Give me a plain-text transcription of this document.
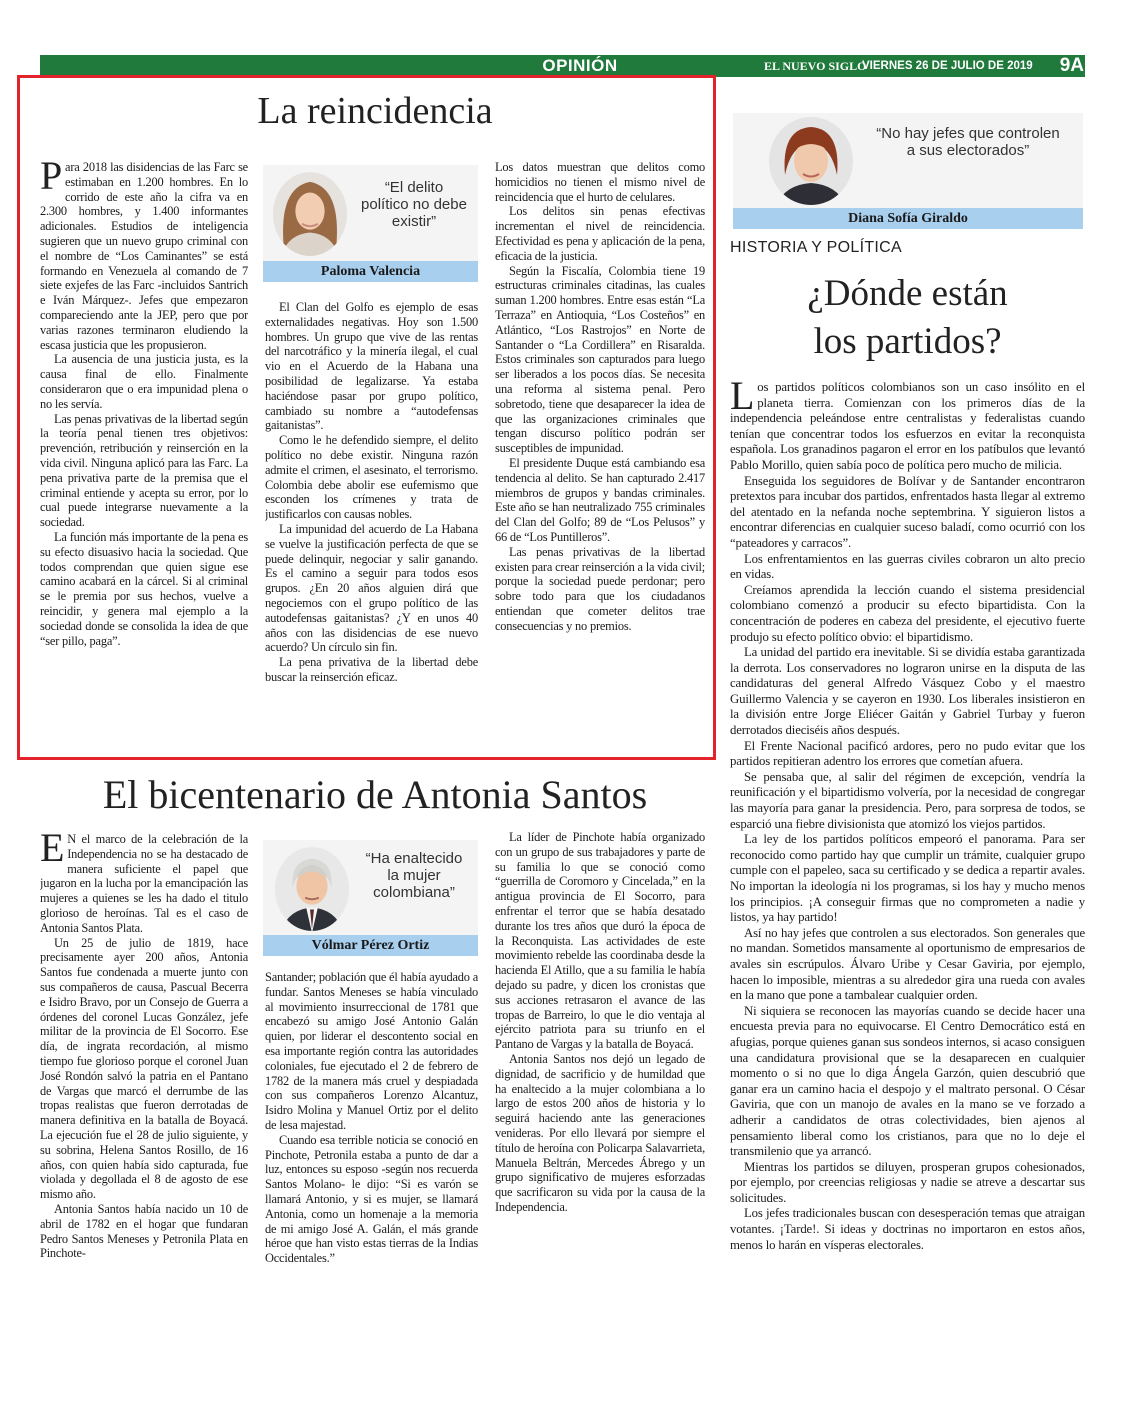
OPINIÓN	EL NUEVO SIGLO
VIERNES 26 DE JULIO DE 2019	9A
La reincidencia

Para 2018 las disidencias de las Farc se estimaban en 1.200 hombres. En lo corrido de este año la cifra va en 2.300 hombres, y 1.400 informantes adicionales. Estudios de inteligencia sugieren que un nuevo grupo criminal con el nombre de “Los Caminantes” se está formando en Venezuela al comando de 7 siete exjefes de las Farc -incluidos Santrich e Iván Márquez-. Jefes que empezaron compareciendo ante la JEP, pero que por varias razones terminaron eludiendo la escasa justicia que les propusieron.

La ausencia de una justicia justa, es la causa final de ello. Finalmente consideraron que o era impunidad plena o no les servía.

Las penas privativas de la libertad según la teoría penal tienen tres objetivos: prevención, retribución y reinserción en la vida civil. Ninguna aplicó para las Farc. La pena privativa parte de la premisa que el criminal entiende y acepta su error, por lo cual puede integrarse nuevamente a la sociedad.

La función más importante de la pena es su efecto disuasivo hacia la sociedad. Que todos comprendan que quien sigue ese camino acabará en la cárcel. Si al criminal se le premia por sus hechos, vuelve a reincidir, y genera mal ejemplo a la sociedad donde se consolida la idea de que “ser pillo, paga”.

“El delito político no debe existir”
Paloma Valencia

El Clan del Golfo es ejemplo de esas externalidades negativas. Hoy son 1.500 hombres. Un grupo que vive de las rentas del narcotráfico y la minería ilegal, el cual vio en el Acuerdo de la Habana una posibilidad de legalizarse. Ya estaba haciéndose pasar por grupo político, cambiado su nombre a “autodefensas gaitanistas”.

Como le he defendido siempre, el delito político no debe existir. Ninguna razón admite el crimen, el asesinato, el terrorismo. Colombia debe abolir ese eufemismo que esconden los crímenes y trata de justificarlos con causas nobles.

La impunidad del acuerdo de La Habana se vuelve la justificación perfecta de que se puede delinquir, negociar y salir ganando. Es el camino a seguir para todos esos grupos. ¿En 20 años alguien dirá que negociemos con el grupo político de las autodefensas gaitanistas? ¿Y en unos 40 años con las disidencias de ese nuevo acuerdo? Un círculo sin fin.

La pena privativa de la libertad debe buscar la reinserción eficaz.

Los datos muestran que delitos como homicidios no tienen el mismo nivel de reincidencia que el hurto de celulares.

Los delitos sin penas efectivas incrementan el nivel de reincidencia. Efectividad es pena y aplicación de la pena, eficacia de la justicia.

Según la Fiscalía, Colombia tiene 19 estructuras criminales citadinas, las cuales suman 1.200 hombres. Entre esas están “La Terraza” en Antioquia, “Los Costeños” en Atlántico, “Los Rastrojos” en Norte de Santander o “La Cordillera” en Risaralda. Estos criminales son capturados para luego ser liberados a los pocos días. Se necesita una reforma al sistema penal. Pero sobretodo, tiene que desaparecer la idea de que las organizaciones criminales que tengan discurso político podrán ser susceptibles de impunidad.

El presidente Duque está cambiando esa tendencia al delito. Se han capturado 2.417 miembros de grupos y bandas criminales. Este año se han neutralizado 755 criminales del Clan del Golfo; 89 de “Los Pelusos” y 66 de “Los Puntilleros”.

Las penas privativas de la libertad existen para crear reinserción a la vida civil; porque la sociedad puede perdonar; pero sobre todo para que los ciudadanos entiendan que cometer delitos trae consecuencias y no premios.

“No hay jefes que controlen a sus electorados”
Diana Sofía Giraldo
HISTORIA Y POLÍTICA
¿Dónde están
los partidos?

Los partidos políticos colombianos son un caso insólito en el planeta tierra. Comienzan con los primeros días de la independencia peleándose entre centralistas y federalistas cuando tenían que concentrar todos los esfuerzos en evitar la reconquista española. Los granadinos pagaron el error en los patíbulos que levantó Pablo Morillo, quien sabía poco de política pero mucho de milicia.

Enseguida los seguidores de Bolívar y de Santander encontraron pretextos para incubar dos partidos, enfrentados hasta llegar al extremo del atentado en la nefanda noche septembrina. Y siguieron listos a encontrar diferencias en cualquier suceso baladí, como ocurrió con los “pateadores y carracos”.

Los enfrentamientos en las guerras civiles cobraron un alto precio en vidas.

Creíamos aprendida la lección cuando el sistema presidencial colombiano comenzó a producir su efecto bipartidista. Con la concentración de poderes en cabeza del presidente, el ejecutivo fuerte produjo su efecto político obvio: el bipartidismo.

La unidad del partido era inevitable. Si se dividía estaba garantizada la derrota. Los conservadores no lograron unirse en la disputa de las candidaturas del general Alfredo Vásquez Cobo y el maestro Guillermo Valencia y se cayeron en 1930. Los liberales insistieron en la división entre Jorge Eliécer Gaitán y Gabriel Turbay y fueron derrotados dieciséis años después.

El Frente Nacional pacificó ardores, pero no pudo evitar que los partidos repitieran adentro los errores que cometían afuera.

Se pensaba que, al salir del régimen de excepción, vendría la reunificación y el bipartidismo volvería, por la necesidad de congregar las mayoría para ganar la presidencia. Pero, para sorpresa de todos, se esparció una fiebre divisionista que atomizó los viejos partidos.

La ley de los partidos políticos empeoró el panorama. Para ser reconocido como partido hay que cumplir un trámite, cualquier grupo cumple con el papeleo, saca su certificado y se dedica a repartir avales. No importan la ideología ni los programas, si los hay y mucho menos los principios. ¡A conseguir firmas que no comprometen a nadie y listos, ya hay partido!

Así no hay jefes que controlen a sus electorados. Son generales que no mandan. Sometidos mansamente al oportunismo de empresarios de avales sin escrúpulos. Álvaro Uribe y Cesar Gaviria, por ejemplo, hacen lo imposible, mientras a su alrededor gira una rueda con avales en la mano que pone a tambalear cualquier orden.

Ni siquiera se reconocen las mayorías cuando se decide hacer una encuesta previa para no equivocarse. El Centro Democrático está en afugias, porque quienes ganan sus sondeos internos, si acaso consiguen una candidatura provisional que se la desaparecen en cualquier momento o si no que lo diga Ángela Garzón, quien descubrió que ganar era un camino hacia el despojo y el maltrato personal. O César Gaviria, que con un manojo de avales en la mano se ve forzado a adherir a candidatos de otras colectividades, bien ajenos al pensamiento liberal como los cristianos, para que no lo deje el transmilenio que ya arrancó.

Mientras los partidos se diluyen, prosperan grupos cohesionados, por ejemplo, por creencias religiosas y nadie se atreve a descartar sus solicitudes.

Los jefes tradicionales buscan con desesperación temas que atraigan votantes. ¡Tarde!. Si ideas y doctrinas no importaron en estos años, menos lo harán en vísperas electorales.

El bicentenario de Antonia Santos

EN el marco de la celebración de la Independencia no se ha destacado de manera suficiente el papel que jugaron en la lucha por la emancipación las mujeres a quienes se les ha dado el titulo glorioso de heroínas. Tal es el caso de Antonia Santos Plata.

Un 25 de julio de 1819, hace precisamente ayer 200 años, Antonia Santos fue condenada a muerte junto con sus compañeros de causa, Pascual Becerra e Isidro Bravo, por un Consejo de Guerra a órdenes del coronel Lucas González, jefe militar de la provincia de El Socorro. Ese día, de ingrata recordación, al mismo tiempo fue glorioso porque el coronel Juan José Rondón salvó la patria en el Pantano de Vargas que marcó el derrumbe de las tropas realistas que fueron derrotadas de manera definitiva en la batalla de Boyacá. La ejecución fue el 28 de julio siguiente, y su sobrina, Helena Santos Rosillo, de 16 años, con quien había sido capturada, fue violada y degollada el 8 de agosto de ese mismo año.

Antonia Santos había nacido un 10 de abril de 1782 en el hogar que fundaran Pedro Santos Meneses y Petronila Plata en Pinchote-

“Ha enaltecido la mujer colombiana”
Vólmar Pérez Ortiz

Santander; población que él había ayudado a fundar. Santos Meneses se había vinculado al movimiento insurreccional de 1781 que encabezó su amigo José Antonio Galán quien, por liderar el descontento social en esa importante región contra las autoridades coloniales, fue ejecutado el 2 de febrero de 1782 de la manera más cruel y despiadada con sus compañeros Lorenzo Alcantuz, Isidro Molina y Manuel Ortiz por el delito de lesa majestad.

Cuando esa terrible noticia se conoció en Pinchote, Petronila estaba a punto de dar a luz, entonces su esposo -según nos recuerda Santos Molano- le dijo: “Si es varón se llamará Antonio, y si es mujer, se llamará Antonia, como un homenaje a la memoria de mi amigo José A. Galán, el más grande héroe que han visto estas tierras de la Indias Occidentales.”

La líder de Pinchote había organizado con un grupo de sus trabajadores y parte de su familia lo que se conoció como “guerrilla de Coromoro y Cincelada,” en la antigua provincia de El Socorro, para enfrentar el terror que se había desatado durante los tres años que duró la época de la Reconquista. Las actividades de este movimiento rebelde las coordinaba desde la hacienda El Atillo, que a su familia le había dejado su padre, y dicen los cronistas que sus acciones retrasaron el avance de las tropas de Barreiro, lo que le dio ventaja al ejército patriota para su triunfo en el Pantano de Vargas y la batalla de Boyacá.

Antonia Santos nos dejó un legado de dignidad, de sacrificio y de humildad que ha enaltecido a la mujer colombiana a lo largo de estos 200 años de historia y lo seguirá haciendo ante las generaciones venideras. Por ello llevará por siempre el título de heroína con Policarpa Salavarrieta, Manuela Beltrán, Mercedes Ábrego y un grupo significativo de mujeres esforzadas que sacrificaron su vida por la causa de la Independencia.
